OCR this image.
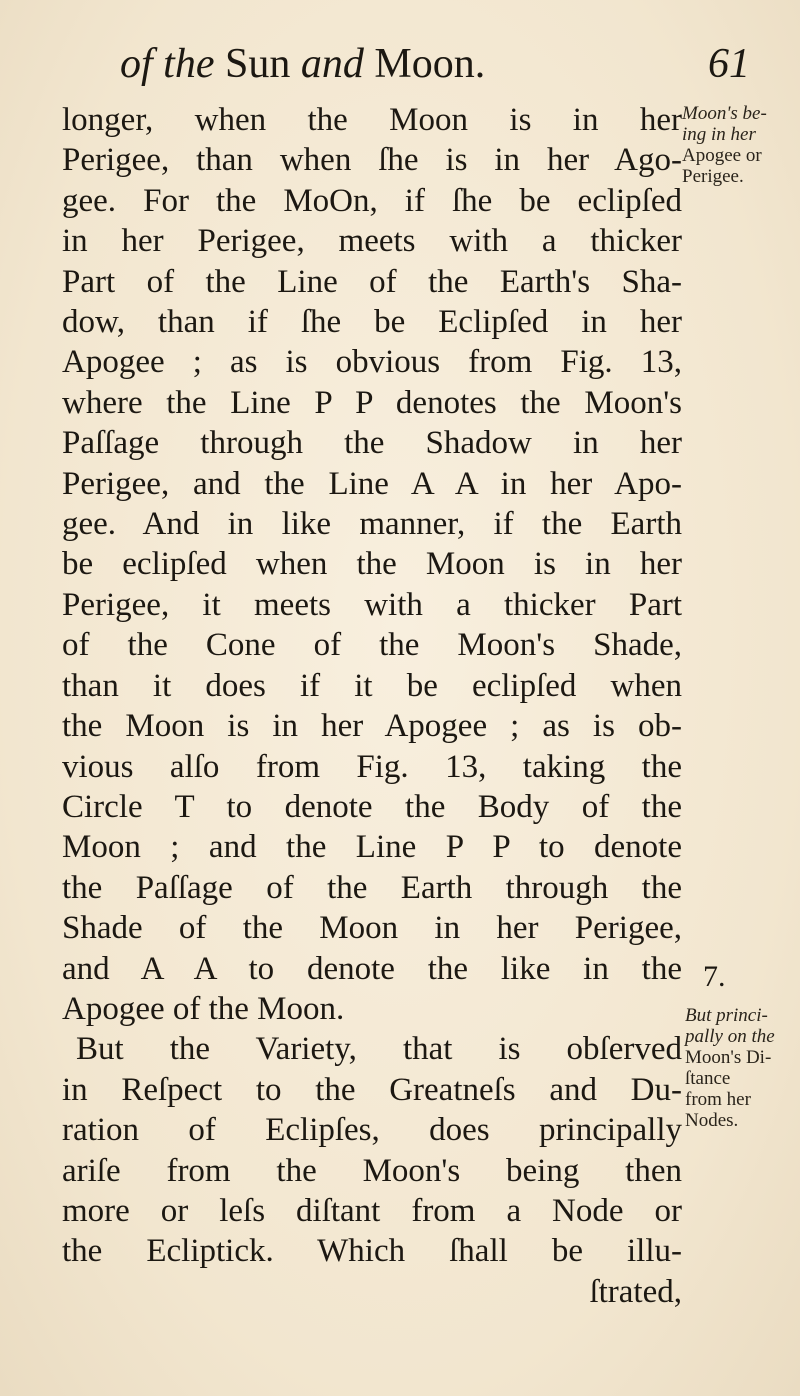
of the Sun and Moon.	61
longer, when the Moon is in her
Perigee, than when ſhe is in her Ago-
gee. For the MoOn, if ſhe be eclipſed
in her Perigee, meets with a thicker
Part of the Line of the Earth's Sha-
dow, than if ſhe be Eclipſed in her
Apogee ; as is obvious from Fig. 13,
where the Line P P denotes the Moon's
Paſſage through the Shadow in her
Perigee, and the Line A A in her Apo-
gee. And in like manner, if the Earth
be eclipſed when the Moon is in her
Perigee, it meets with a thicker Part
of the Cone of the Moon's Shade,
than it does if it be eclipſed when
the Moon is in her Apogee ; as is ob-
vious alſo from Fig. 13, taking the
Circle T to denote the Body of the
Moon ; and the Line P P to denote
the Paſſage of the Earth through the
Shade of the Moon in her Perigee,
and A A to denote the like in the
Apogee of the Moon.
But the Variety, that is obſerved
in Reſpect to the Greatneſs and Du-
ration of Eclipſes, does principally
ariſe from the Moon's being then
more or leſs diſtant from a Node or
the Ecliptick. Which ſhall be illu-
ſtrated,
Moon's be-
ing in her
Apogee or
Perigee.
7.
But princi-
pally on the
Moon's Di-
ſtance
from her
Nodes.
